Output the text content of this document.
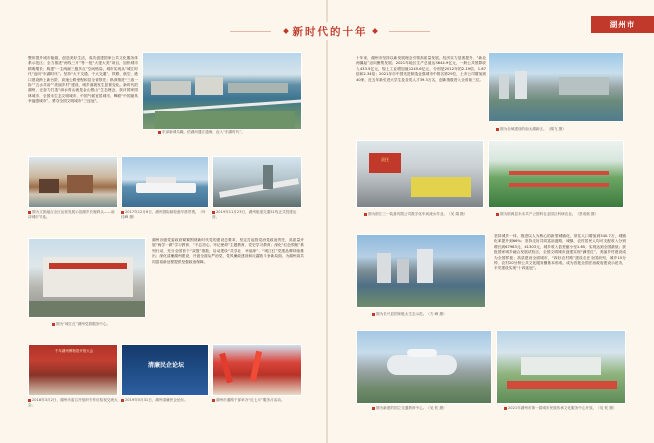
新时代的十年
湖州市
整体提升城市能级，创造美好生活，成功创建国家公共文化服务体系示范区；全力推进“两线三片”等一批“大建大美”项目，加快城市精明增长；构建“一主两副三极多点”空间格局。城市实现从“城江时代”迈向“东湖时代”。坚持“大干交通、干大交通”，铁路、航空、港口建设跨上新台阶，高速公路里程和县全省领先；纵深推进“三改一拆”“五水共治”“美丽乡村”建设，城乡面貌发生显著变化。新时代的湖州，正奋力打造“绿水青山就是金山银山”生态理念，获评国家园林城市、全国未生态文明城市、中国气候宜居城市，蝉联“中国最具幸福感城市”，勇夺全国文明城市“三连冠”。
东部新城鸟瞰，依湖河通江通海，迈入“东湖时代”。
图为文旅融合全区运营发展示范湖乡长舰码头——南浔城市节选。
2017年12月6日，湖州国际邮轮港早晨景观。（叶佳峰 摄）
2019年11月23日，湖州航道交通51线正式投建运营。
图为“城江红”湖州党群服务中心。
湖州各级党委政府紧紧围绕新时代党的建设总要求，坚定打起管党治党政治责任，高质量开展“两学一做”学习教育、“不忘初心、牢记使命”主题教育、党史学习教育；深化“红色领航”系列行动，充分全国首个“双强”指数，启动建设“共享社　幸福家”、“城江红”党建品牌持续推出；深化清廉湖州建设，开创全面从严治党、党风廉政建设和反腐败斗争新局面，为湖州高共同富裕新征程提供坚强政治保障。
千年湖州博物馆开馆大会
清廉民企论坛
2018年3月2日，湖州市委召开组织专作访检视交流大会。
2019年5月31日，湖州清廉民企论坛。	湖州市通路干部举办“红七月”服务月活动。
十年来，湖州市坚持以新发展理念引领高质量发展，经济实力显著提升，“新北两翼起”迈向聚集发展。2021年地区生产总值达3644.9亿元，一般公共预算收入433.5亿元，规上工业增加值1245.6亿元，分别是2012年的2.19倍、1.67倍和2.34倍；2021年市中国先进制造业强城市中排名第29位，土市公司增加到40家，近五年新引进大学生及各类人才39.3万名，创新指数进入全省前三位。
图为全域建设的南太湖新区。（湖飞 摄）
责任
图为浙江三一装备有限公司数字化车间流水作业。（吴 娟 摄）	图为浙源县未未共产公园科农业园区科研农业。（蔡成郁 摄）
图为长兴县国家级太生态示范。（方 峰 摄）
坚持城乡一体，推进以人为核心的新型城镇化，常住人口增加到340.7万，城镇化率提升到66%；坚持走好共同富裕道路，城镇、农村居民人均可支配收入分别增长到67983元、41303元，城乡收入倍差缩小至1.65，实现达到全国最低；获批国家城乡融合发展试验区，全国文明城市创建实现“满堂红”，美丽乡村建设成为全国样板；高质建设全面城市，“四好农村路”建设走在全国前列，城乡15分钟、农村20分钟公共文化服务圈基本形成，成为首批全国法治政府建设示范市，平安建设实现“十四连冠”。
图为新建的国立交通教育中心。（吴 钦 摄）	2021年湖州市第一届城市民族传承文化服务中心开放。（吴 钦 摄）
